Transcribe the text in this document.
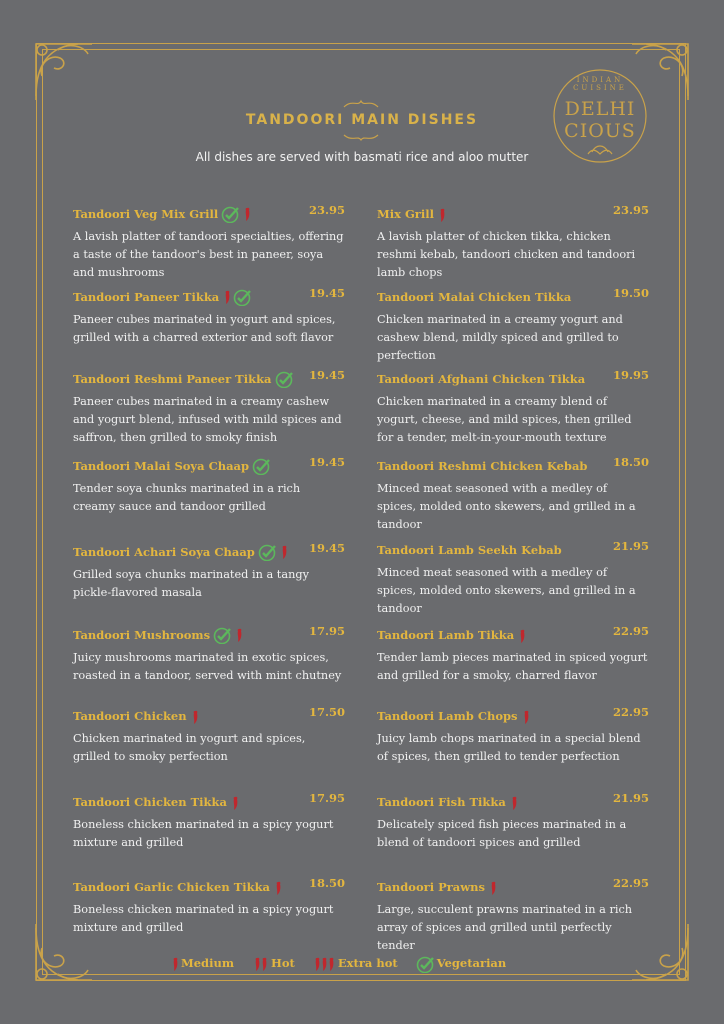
INDIAN CUISINE
DELHI
CIOUS
TANDOORI MAIN DISHES
All dishes are served with basmati rice and aloo mutter
Tandoori Veg Mix Grill	23.95
A lavish platter of tandoori specialties, offering a taste of the tandoor's best in paneer, soya and mushrooms
Tandoori Paneer Tikka	19.45
Paneer cubes marinated in yogurt and spices, grilled with a charred exterior and soft flavor
Tandoori Reshmi Paneer Tikka	19.45
Paneer cubes marinated in a creamy cashew and yogurt blend, infused with mild spices and saffron, then grilled to smoky finish
Tandoori Malai Soya Chaap	19.45
Tender soya chunks marinated in a rich creamy sauce and tandoor grilled
Tandoori Achari Soya Chaap	19.45
Grilled soya chunks marinated in a tangy pickle-flavored masala
Tandoori Mushrooms	17.95
Juicy mushrooms marinated in exotic spices, roasted in a tandoor, served with mint chutney
Tandoori Chicken	17.50
Chicken marinated in yogurt and spices, grilled to smoky perfection
Tandoori Chicken Tikka	17.95
Boneless chicken marinated in a spicy yogurt mixture and grilled
Tandoori Garlic Chicken Tikka	18.50
Boneless chicken marinated in a spicy yogurt mixture and grilled
Mix Grill	23.95
A lavish platter of chicken tikka, chicken reshmi kebab, tandoori chicken and tandoori lamb chops
Tandoori Malai Chicken Tikka	19.50
Chicken marinated in a creamy yogurt and cashew blend, mildly spiced and grilled to perfection
Tandoori Afghani Chicken Tikka 19.95
Chicken marinated in a creamy blend of yogurt, cheese, and mild spices, then grilled for a tender, melt-in-your-mouth texture
Tandoori Reshmi Chicken Kebab 18.50
Minced meat seasoned with a medley of spices, molded onto skewers, and grilled in a tandoor
Tandoori Lamb Seekh Kebab	21.95
Minced meat seasoned with a medley of spices, molded onto skewers, and grilled in a tandoor
Tandoori Lamb Tikka	22.95
Tender lamb pieces marinated in spiced yogurt and grilled for a smoky, charred flavor
Tandoori Lamb Chops	22.95
Juicy lamb chops marinated in a special blend of spices, then grilled to tender perfection
Tandoori Fish Tikka	21.95
Delicately spiced fish pieces marinated in a blend of tandoori spices and grilled
Tandoori Prawns	22.95
Large, succulent prawns marinated in a rich array of spices and grilled until perfectly tender
Medium	Hot	Extra hot	Vegetarian
